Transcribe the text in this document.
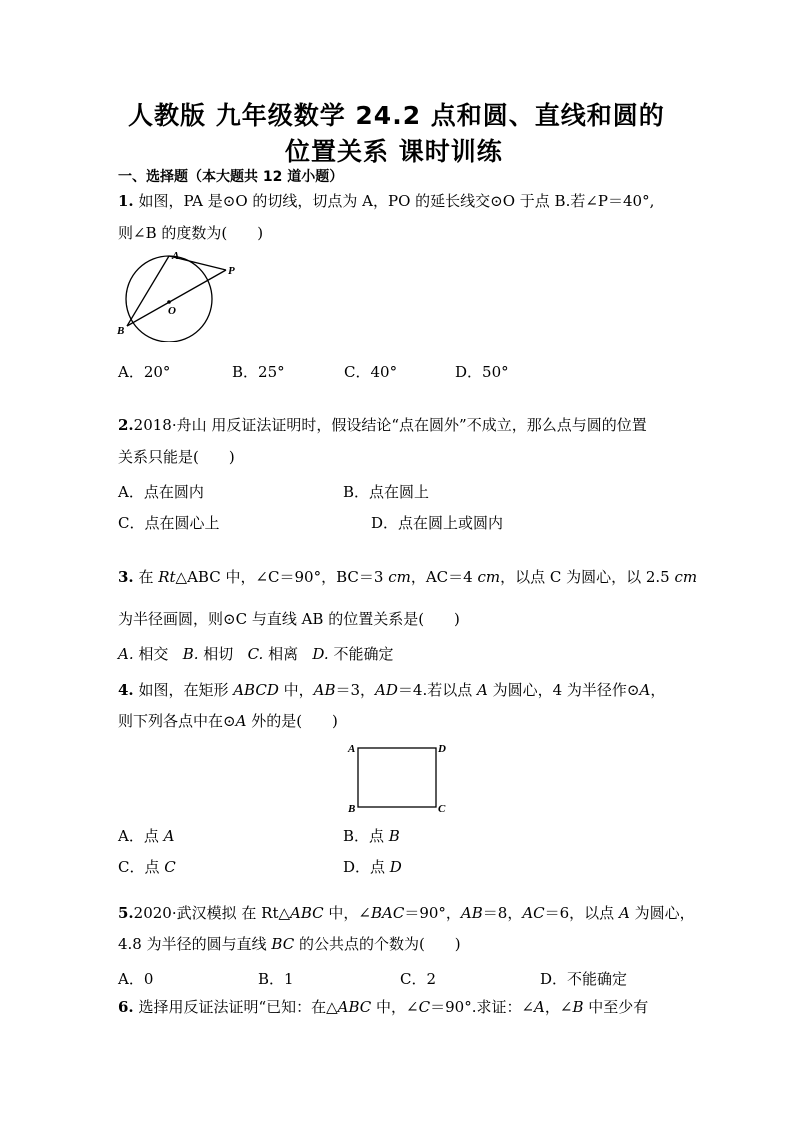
人教版 九年级数学 24.2 点和圆、直线和圆的
位置关系 课时训练
一、选择题（本大题共 12 道小题）
1. 如图，PA 是⊙O 的切线，切点为 A，PO 的延长线交⊙O 于点 B.若∠P＝40°,
则∠B 的度数为(　　)
A
P
O
B
A．20°	B．25°	C．40°	D．50°
2.2018·舟山 用反证法证明时，假设结论“点在圆外”不成立，那么点与圆的位置
关系只能是(　　)
A．点在圆内	B．点在圆上
C．点在圆心上	D．点在圆上或圆内
3. 在 Rt△ABC 中，∠C＝90°，BC＝3 cm，AC＝4 cm，以点 C 为圆心，以 2.5 cm
为半径画圆，则⊙C 与直线 AB 的位置关系是(　　)
A. 相交 B. 相切 C. 相离 D. 不能确定
4. 如图，在矩形 ABCD 中，AB＝3，AD＝4.若以点 A 为圆心，4 为半径作⊙A，
则下列各点中在⊙A 外的是(　　)
A	D
B	C
A．点 A	B．点 B
C．点 C	D．点 D
5.2020·武汉模拟 在 Rt△ABC 中，∠BAC＝90°，AB＝8，AC＝6，以点 A 为圆心，
4.8 为半径的圆与直线 BC 的公共点的个数为(　　)
A．0	B．1	C．2	D．不能确定
6. 选择用反证法证明“已知：在△ABC 中，∠C＝90°.求证：∠A，∠B 中至少有
